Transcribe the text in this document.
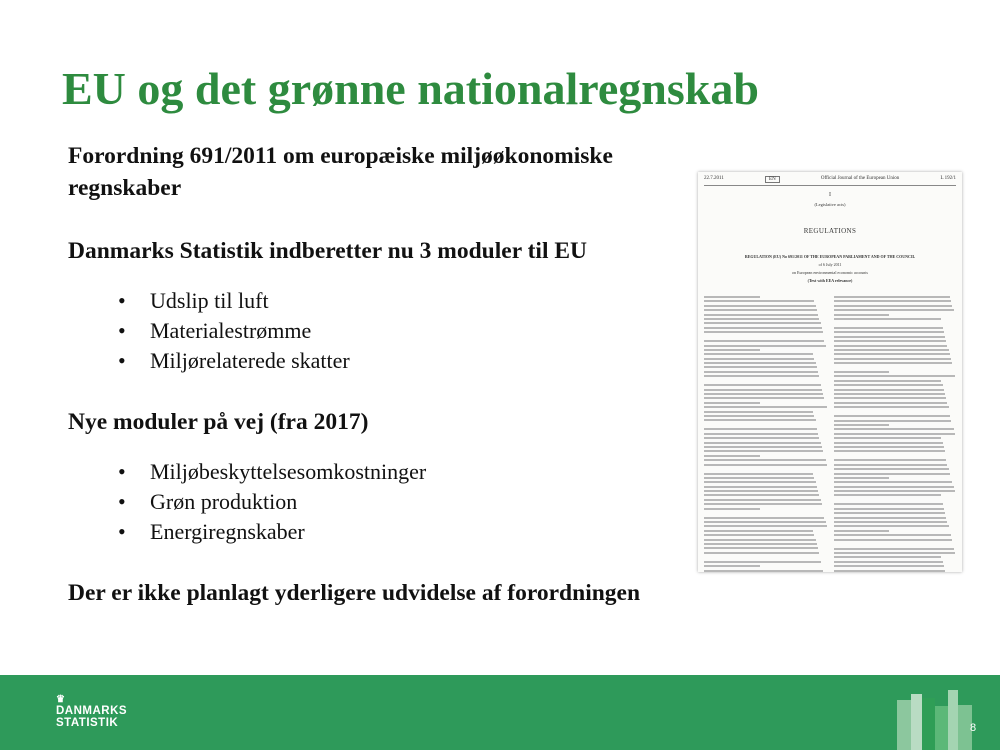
EU og det grønne nationalregnskab
Forordning 691/2011 om europæiske miljøøkonomiske
regnskaber
Danmarks Statistik indberetter nu 3 moduler til EU
• Udslip til luft
• Materialestrømme
• Miljørelaterede skatter
Nye moduler på vej (fra 2017)
• Miljøbeskyttelsesomkostninger
• Grøn produktion
• Energiregnskaber
Der er ikke planlagt yderligere udvidelse af forordningen
22.7.2011	EN	Official Journal of the European Union	L 192/1
I
(Legislative acts)
REGULATIONS
REGULATION (EU) No 691/2011 OF THE EUROPEAN PARLIAMENT AND OF THE COUNCIL
of 6 July 2011
on European environmental economic accounts
(Text with EEA relevance)
♛
DANMARKS
STATISTIK	8
